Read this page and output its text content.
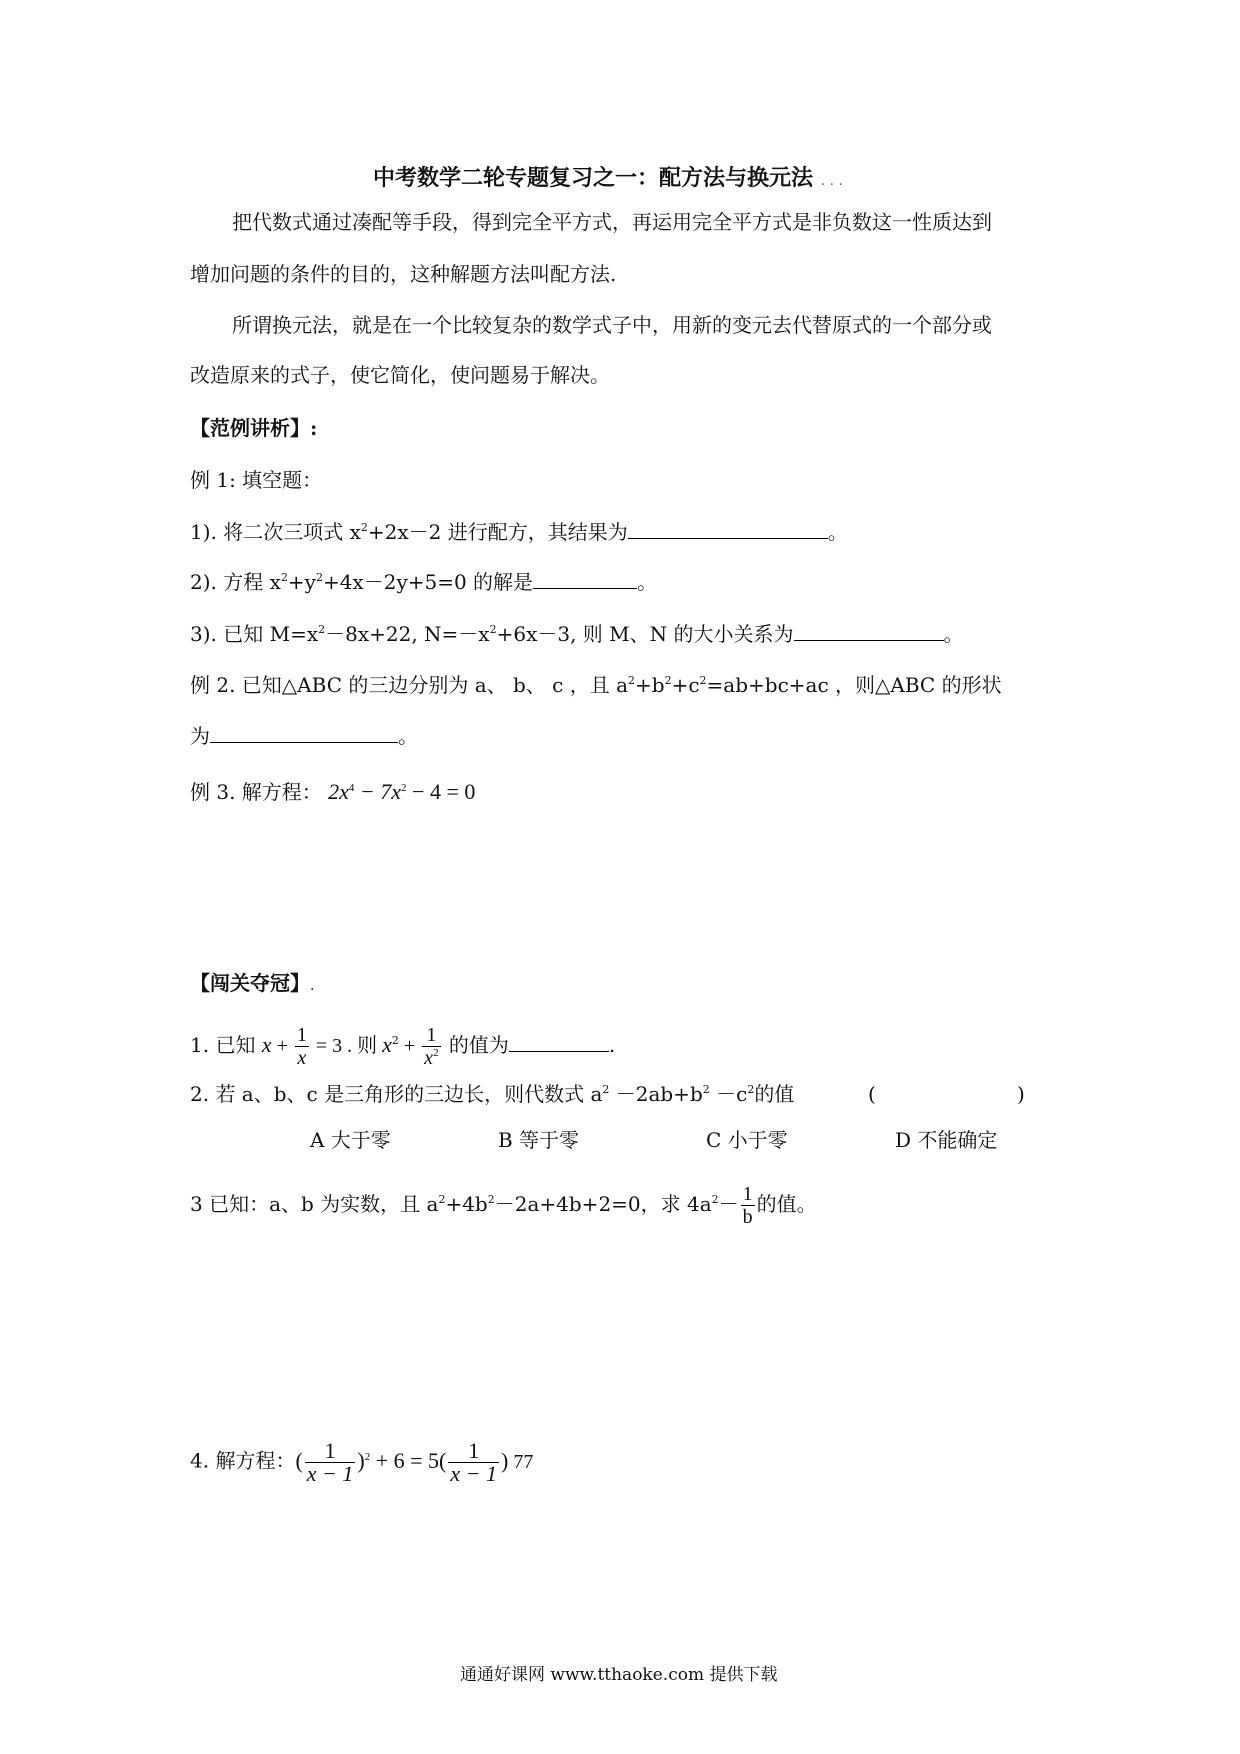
中考数学二轮专题复习之一：配方法与换元法 . . .
把代数式通过凑配等手段，得到完全平方式，再运用完全平方式是非负数这一性质达到
增加问题的条件的目的，这种解题方法叫配方法.
所谓换元法，就是在一个比较复杂的数学式子中，用新的变元去代替原式的一个部分或
改造原来的式子，使它简化，使问题易于解决。
【范例讲析】:
例 1: 填空题：
1). 将二次三项式 $x^2+2x-2$ 进行配方，其结果为	。
2). 方程 $x^2+y^2+4x-2y+5=0$ 的解是	。
3). 已知 $M=x^2-8x+22$, $N=-x^2+6x-3$, 则 M、N 的大小关系为	。
例 2. 已知△ABC 的三边分别为 a、 b、 c ，且 $a^2+b^2+c^2=ab+bc+ac$ ，则△ABC 的形状
为	。
例 3. 解方程： $2x^4 - 7x^2 - 4 = 0$
【闯关夺冠】.
1. 已知 $x + \frac{1}{x} = 3$ . 则 $x^2 + \frac{1}{x^2}$ 的值为	.
2. 若 a、b、c 是三角形的三边长，则代数式 $a^2 -2ab+b^2 -c^2$的值	(	)
A 大于零	B 等于零	C 小于零	D 不能确定
3 已知：a、b 为实数，且 $a^2+4b^2-2a+4b+2=0$，求 $4a^2- \frac{1}{b}$ 的值。
4. 解方程：( $\frac{1}{x - 1} )^2 + 6 = 5( \frac{1}{x - 1}$ ) 77
通通好课网 www.tthaoke.com 提供下载
